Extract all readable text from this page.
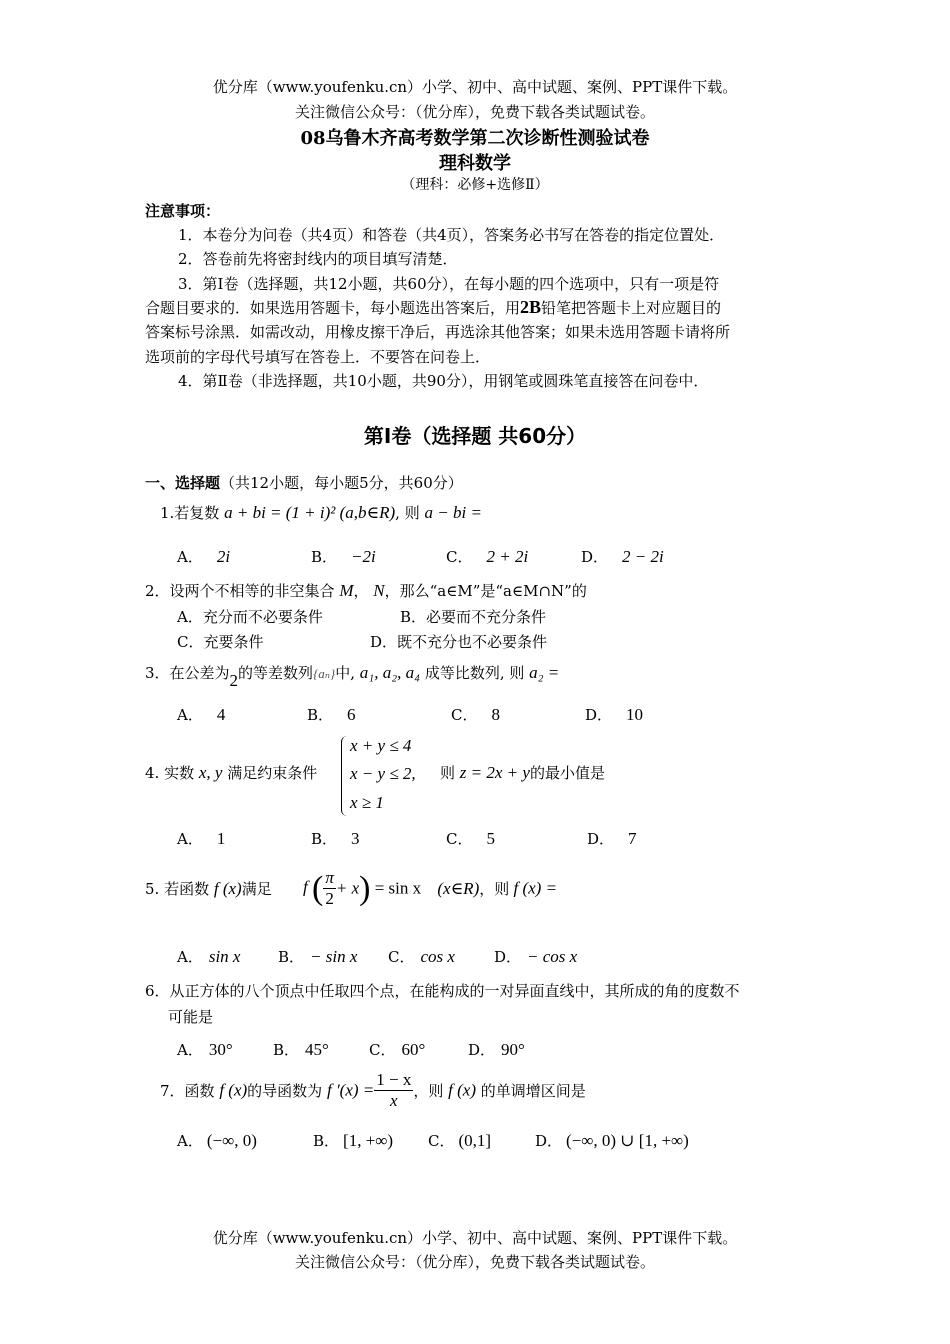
优分库（www.youfenku.cn）小学、初中、高中试题、案例、PPT课件下载。
关注微信公众号：（优分库），免费下载各类试题试卷。
08乌鲁木齐高考数学第二次诊断性测验试卷
理科数学
（理科：必修+选修Ⅱ）
注意事项：
1．本卷分为问卷（共4页）和答卷（共4页），答案务必书写在答卷的指定位置处．
2．答卷前先将密封线内的项目填写清楚．
3．第Ⅰ卷（选择题，共12小题，共60分），在每小题的四个选项中，只有一项是符
合题目要求的．如果选用答题卡，每小题选出答案后，用2B铅笔把答题卡上对应题目的
答案标号涂黑．如需改动，用橡皮擦干净后，再选涂其他答案；如果未选用答题卡请将所
选项前的字母代号填写在答卷上．不要答在问卷上．
4．第Ⅱ卷（非选择题，共10小题，共90分），用钢笔或圆珠笔直接答在问卷中．
第Ⅰ卷（选择题 共60分）
一、选择题（共12小题，每小题5分，共60分）
1.若复数 a + bi = (1 + i)² (a,b∈R), 则 a − bi =
A． 2i	B． −2i	C． 2 + 2i	D． 2 − 2i
2．设两个不相等的非空集合 M， N，那么“a∈M”是“a∈M∩N”的
A．充分而不必要条件	B．必要而不充分条件
C．充要条件	D．既不充分也不必要条件
3．在公差为2的等差数列{aₙ}中, a₁, a₂, a₄ 成等比数列, 则 a₂ =
A． 4	B． 6	C． 8	D． 10
4. 实数 x, y 满足约束条件
x + y ≤ 4
x − y ≤ 2, 则 z = 2x + y的最小值是
x ≥ 1
A． 1	B． 3	C． 5	D． 7
5. 若函数 f (x)满足 f ( $\frac{\pi}{2} + x) = \sin x$ (x∈R)，则 f (x) =
A． sin x	B． − sin x C． cos x	D． − cos x
6．从正方体的八个顶点中任取四个点，在能构成的一对异面直线中，其所成的角的度数不
可能是
A． 30°	B． 45°	C． 60°	D． 90°
7．函数 f (x)的导函数为 f $'(x) = \frac{1 - x}{x}$ ，则 f (x) 的单调增区间是
A． (−∞, 0)	B． [1, +∞) C． (0,1]	D． (−∞, 0) ∪ [1, +∞)
优分库（www.youfenku.cn）小学、初中、高中试题、案例、PPT课件下载。
关注微信公众号：（优分库），免费下载各类试题试卷。
